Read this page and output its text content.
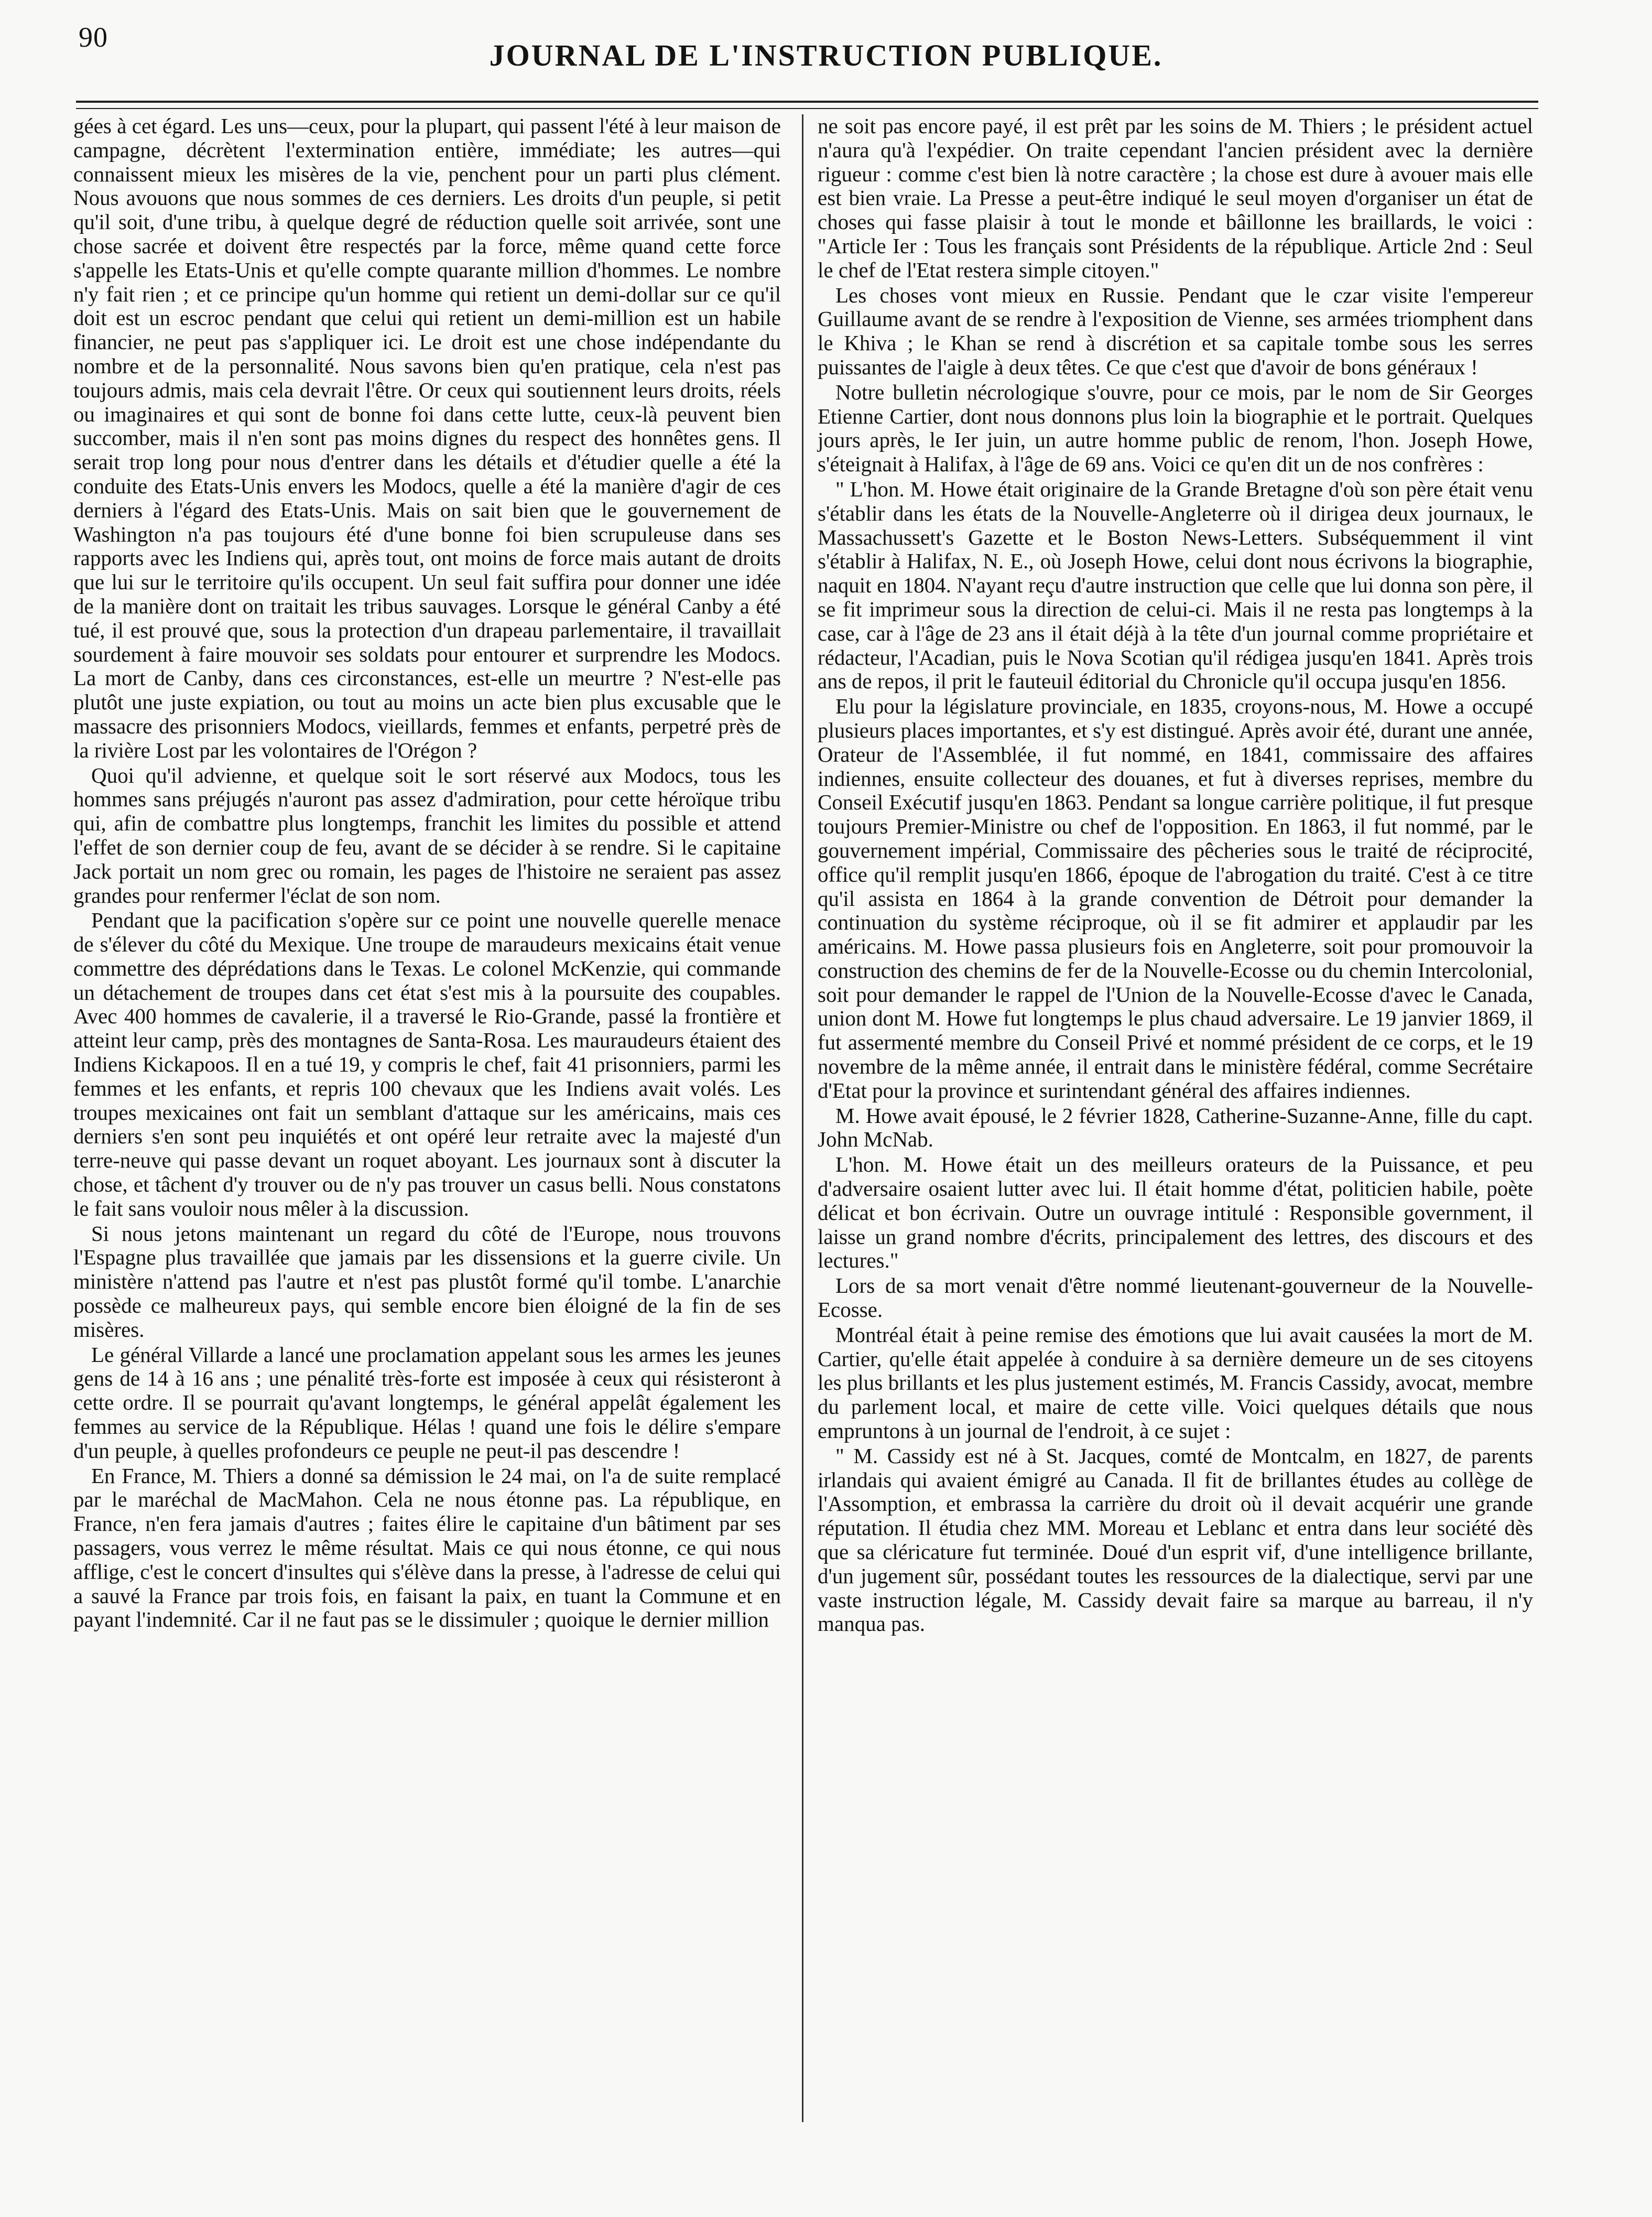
90
JOURNAL DE L'INSTRUCTION PUBLIQUE.

gées à cet égard. Les uns—ceux, pour la plupart, qui passent l'été à leur maison de campagne, décrètent l'extermination entière, immédiate; les autres—qui connaissent mieux les misères de la vie, penchent pour un parti plus clément. Nous avouons que nous sommes de ces derniers. Les droits d'un peuple, si petit qu'il soit, d'une tribu, à quelque degré de réduction quelle soit arrivée, sont une chose sacrée et doivent être respectés par la force, même quand cette force s'appelle les Etats-Unis et qu'elle compte quarante million d'hommes. Le nombre n'y fait rien ; et ce principe qu'un homme qui retient un demi-dollar sur ce qu'il doit est un escroc pendant que celui qui retient un demi-million est un habile financier, ne peut pas s'appliquer ici. Le droit est une chose indépendante du nombre et de la personnalité. Nous savons bien qu'en pratique, cela n'est pas toujours admis, mais cela devrait l'être. Or ceux qui soutiennent leurs droits, réels ou imaginaires et qui sont de bonne foi dans cette lutte, ceux-là peuvent bien succomber, mais il n'en sont pas moins dignes du respect des honnêtes gens. Il serait trop long pour nous d'entrer dans les détails et d'étudier quelle a été la conduite des Etats-Unis envers les Modocs, quelle a été la manière d'agir de ces derniers à l'égard des Etats-Unis. Mais on sait bien que le gouvernement de Washington n'a pas toujours été d'une bonne foi bien scrupuleuse dans ses rapports avec les Indiens qui, après tout, ont moins de force mais autant de droits que lui sur le territoire qu'ils occupent. Un seul fait suffira pour donner une idée de la manière dont on traitait les tribus sauvages. Lorsque le général Canby a été tué, il est prouvé que, sous la protection d'un drapeau parlementaire, il travaillait sourdement à faire mouvoir ses soldats pour entourer et surprendre les Modocs. La mort de Canby, dans ces circonstances, est-elle un meurtre ? N'est-elle pas plutôt une juste expiation, ou tout au moins un acte bien plus excusable que le massacre des prisonniers Modocs, vieillards, femmes et enfants, perpetré près de la rivière Lost par les volontaires de l'Orégon ?

Quoi qu'il advienne, et quelque soit le sort réservé aux Modocs, tous les hommes sans préjugés n'auront pas assez d'admiration, pour cette héroïque tribu qui, afin de combattre plus longtemps, franchit les limites du possible et attend l'effet de son dernier coup de feu, avant de se décider à se rendre. Si le capitaine Jack portait un nom grec ou romain, les pages de l'histoire ne seraient pas assez grandes pour renfermer l'éclat de son nom.

Pendant que la pacification s'opère sur ce point une nouvelle querelle menace de s'élever du côté du Mexique. Une troupe de maraudeurs mexicains était venue commettre des déprédations dans le Texas. Le colonel McKenzie, qui commande un détachement de troupes dans cet état s'est mis à la poursuite des coupables. Avec 400 hommes de cavalerie, il a traversé le Rio-Grande, passé la frontière et atteint leur camp, près des montagnes de Santa-Rosa. Les mauraudeurs étaient des Indiens Kickapoos. Il en a tué 19, y compris le chef, fait 41 prisonniers, parmi les femmes et les enfants, et repris 100 chevaux que les Indiens avait volés. Les troupes mexicaines ont fait un semblant d'attaque sur les américains, mais ces derniers s'en sont peu inquiétés et ont opéré leur retraite avec la majesté d'un terre-neuve qui passe devant un roquet aboyant. Les journaux sont à discuter la chose, et tâchent d'y trouver ou de n'y pas trouver un casus belli. Nous constatons le fait sans vouloir nous mêler à la discussion.

Si nous jetons maintenant un regard du côté de l'Europe, nous trouvons l'Espagne plus travaillée que jamais par les dissensions et la guerre civile. Un ministère n'attend pas l'autre et n'est pas plustôt formé qu'il tombe. L'anarchie possède ce malheureux pays, qui semble encore bien éloigné de la fin de ses misères.

Le général Villarde a lancé une proclamation appelant sous les armes les jeunes gens de 14 à 16 ans ; une pénalité très-forte est imposée à ceux qui résisteront à cette ordre. Il se pourrait qu'avant longtemps, le général appelât également les femmes au service de la République. Hélas ! quand une fois le délire s'empare d'un peuple, à quelles profondeurs ce peuple ne peut-il pas descendre !

En France, M. Thiers a donné sa démission le 24 mai, on l'a de suite remplacé par le maréchal de MacMahon. Cela ne nous étonne pas. La république, en France, n'en fera jamais d'autres ; faites élire le capitaine d'un bâtiment par ses passagers, vous verrez le même résultat. Mais ce qui nous étonne, ce qui nous afflige, c'est le concert d'insultes qui s'élève dans la presse, à l'adresse de celui qui a sauvé la France par trois fois, en faisant la paix, en tuant la Commune et en payant l'indemnité. Car il ne faut pas se le dissimuler ; quoique le dernier million

ne soit pas encore payé, il est prêt par les soins de M. Thiers ; le président actuel n'aura qu'à l'expédier. On traite cependant l'ancien président avec la dernière rigueur : comme c'est bien là notre caractère ; la chose est dure à avouer mais elle est bien vraie. La Presse a peut-être indiqué le seul moyen d'organiser un état de choses qui fasse plaisir à tout le monde et bâillonne les braillards, le voici : "Article Ier : Tous les français sont Présidents de la république. Article 2nd : Seul le chef de l'Etat restera simple citoyen."

Les choses vont mieux en Russie. Pendant que le czar visite l'empereur Guillaume avant de se rendre à l'exposition de Vienne, ses armées triomphent dans le Khiva ; le Khan se rend à discrétion et sa capitale tombe sous les serres puissantes de l'aigle à deux têtes. Ce que c'est que d'avoir de bons généraux !

Notre bulletin nécrologique s'ouvre, pour ce mois, par le nom de Sir Georges Etienne Cartier, dont nous donnons plus loin la biographie et le portrait. Quelques jours après, le Ier juin, un autre homme public de renom, l'hon. Joseph Howe, s'éteignait à Halifax, à l'âge de 69 ans. Voici ce qu'en dit un de nos confrères :

" L'hon. M. Howe était originaire de la Grande Bretagne d'où son père était venu s'établir dans les états de la Nouvelle-Angleterre où il dirigea deux journaux, le Massachussett's Gazette et le Boston News-Letters. Subséquemment il vint s'établir à Halifax, N. E., où Joseph Howe, celui dont nous écrivons la biographie, naquit en 1804. N'ayant reçu d'autre instruction que celle que lui donna son père, il se fit imprimeur sous la direction de celui-ci. Mais il ne resta pas longtemps à la case, car à l'âge de 23 ans il était déjà à la tête d'un journal comme propriétaire et rédacteur, l'Acadian, puis le Nova Scotian qu'il rédigea jusqu'en 1841. Après trois ans de repos, il prit le fauteuil éditorial du Chronicle qu'il occupa jusqu'en 1856.

Elu pour la législature provinciale, en 1835, croyons-nous, M. Howe a occupé plusieurs places importantes, et s'y est distingué. Après avoir été, durant une année, Orateur de l'Assemblée, il fut nommé, en 1841, commissaire des affaires indiennes, ensuite collecteur des douanes, et fut à diverses reprises, membre du Conseil Exécutif jusqu'en 1863. Pendant sa longue carrière politique, il fut presque toujours Premier-Ministre ou chef de l'opposition. En 1863, il fut nommé, par le gouvernement impérial, Commissaire des pêcheries sous le traité de réciprocité, office qu'il remplit jusqu'en 1866, époque de l'abrogation du traité. C'est à ce titre qu'il assista en 1864 à la grande convention de Détroit pour demander la continuation du système réciproque, où il se fit admirer et applaudir par les américains. M. Howe passa plusieurs fois en Angleterre, soit pour promouvoir la construction des chemins de fer de la Nouvelle-Ecosse ou du chemin Intercolonial, soit pour demander le rappel de l'Union de la Nouvelle-Ecosse d'avec le Canada, union dont M. Howe fut longtemps le plus chaud adversaire. Le 19 janvier 1869, il fut assermenté membre du Conseil Privé et nommé président de ce corps, et le 19 novembre de la même année, il entrait dans le ministère fédéral, comme Secrétaire d'Etat pour la province et surintendant général des affaires indiennes.

M. Howe avait épousé, le 2 février 1828, Catherine-Suzanne-Anne, fille du capt. John McNab.

L'hon. M. Howe était un des meilleurs orateurs de la Puissance, et peu d'adversaire osaient lutter avec lui. Il était homme d'état, politicien habile, poète délicat et bon écrivain. Outre un ouvrage intitulé : Responsible government, il laisse un grand nombre d'écrits, principalement des lettres, des discours et des lectures."

Lors de sa mort venait d'être nommé lieutenant-gouverneur de la Nouvelle-Ecosse.

Montréal était à peine remise des émotions que lui avait causées la mort de M. Cartier, qu'elle était appelée à conduire à sa dernière demeure un de ses citoyens les plus brillants et les plus justement estimés, M. Francis Cassidy, avocat, membre du parlement local, et maire de cette ville. Voici quelques détails que nous empruntons à un journal de l'endroit, à ce sujet :

" M. Cassidy est né à St. Jacques, comté de Montcalm, en 1827, de parents irlandais qui avaient émigré au Canada. Il fit de brillantes études au collège de l'Assomption, et embrassa la carrière du droit où il devait acquérir une grande réputation. Il étudia chez MM. Moreau et Leblanc et entra dans leur société dès que sa cléricature fut terminée. Doué d'un esprit vif, d'une intelligence brillante, d'un jugement sûr, possédant toutes les ressources de la dialectique, servi par une vaste instruction légale, M. Cassidy devait faire sa marque au barreau, il n'y manqua pas.
